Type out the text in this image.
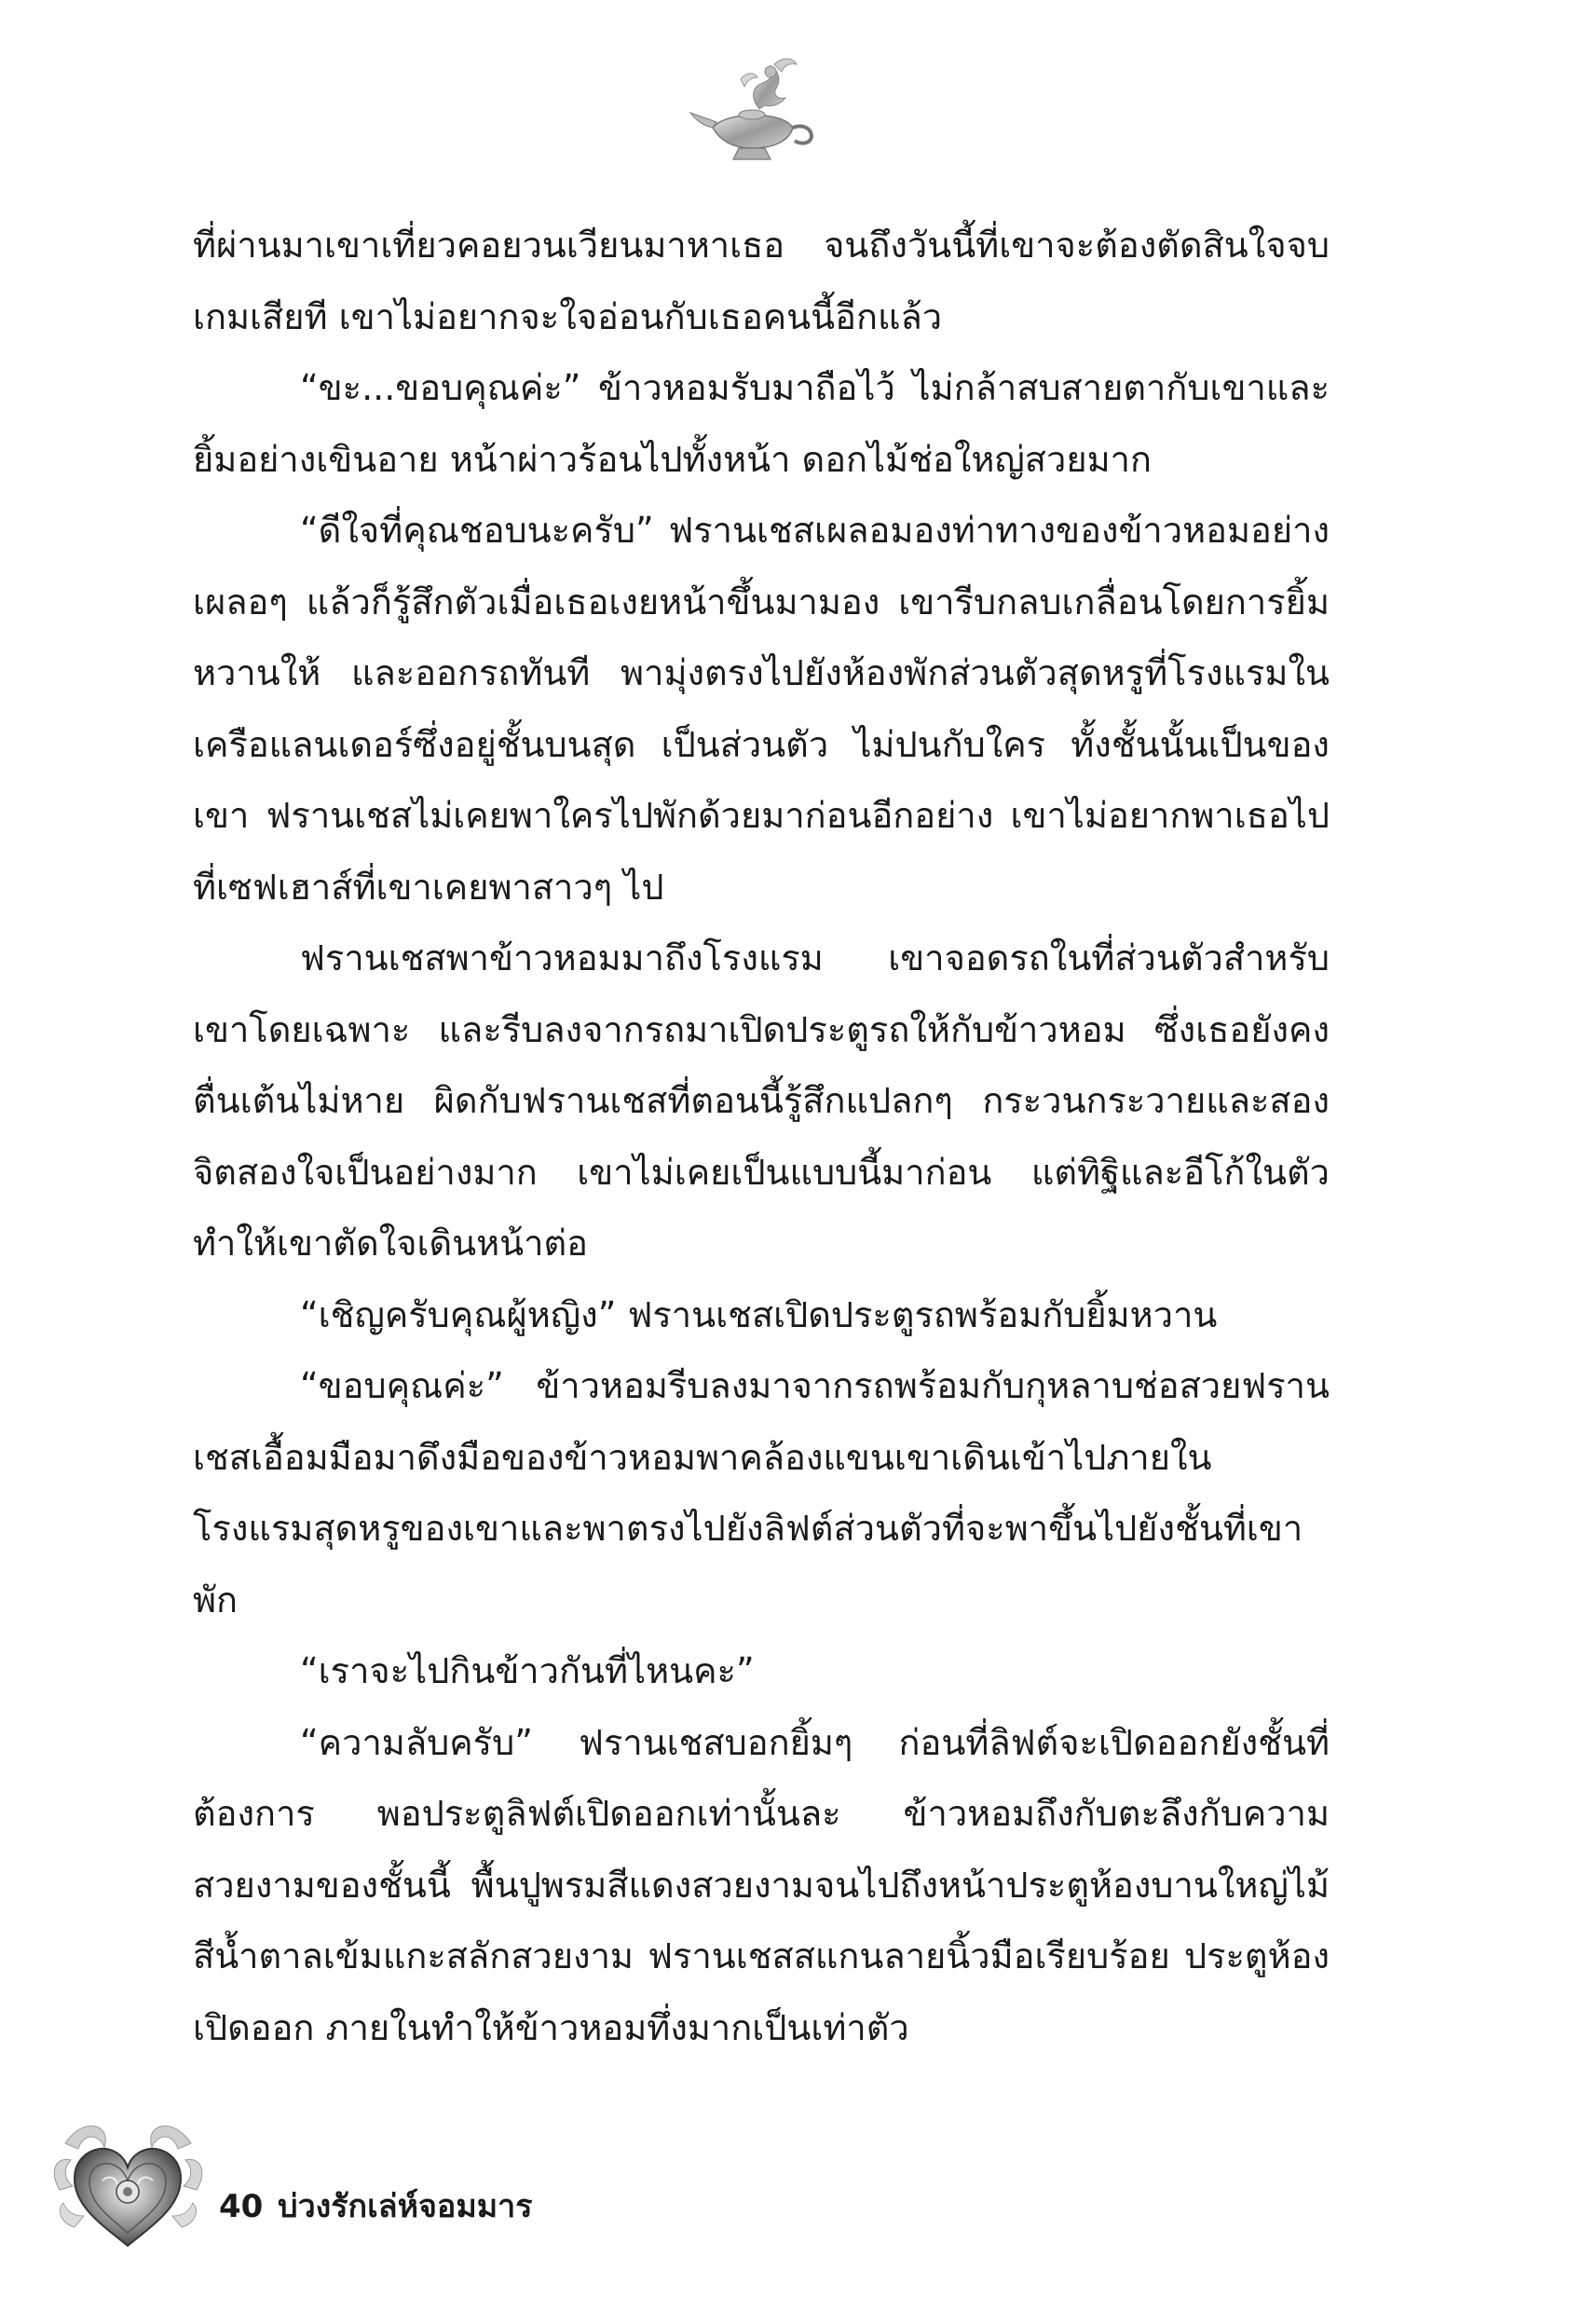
ที่ผ่านมาเขาเที่ยวคอยวนเวียนมาหาเธอ จนถึงวันนี้ที่เขาจะต้องตัดสินใจจบเกมเสียที เขาไม่อยากจะใจอ่อนกับเธอคนนี้อีกแล้ว

“ขะ...ขอบคุณค่ะ” ข้าวหอมรับมาถือไว้ ไม่กล้าสบสายตากับเขาและยิ้มอย่างเขินอาย หน้าผ่าวร้อนไปทั้งหน้า ดอกไม้ช่อใหญ่สวยมาก

“ดีใจที่คุณชอบนะครับ” ฟรานเชสเผลอมองท่าทางของข้าวหอมอย่างเผลอๆ แล้วก็รู้สึกตัวเมื่อเธอเงยหน้าขึ้นมามอง เขารีบกลบเกลื่อนโดยการยิ้มหวานให้ และออกรถทันที พามุ่งตรงไปยังห้องพักส่วนตัวสุดหรูที่โรงแรมในเครือแลนเดอร์ซึ่งอยู่ชั้นบนสุด เป็นส่วนตัว ไม่ปนกับใคร ทั้งชั้นนั้นเป็นของเขา ฟรานเชสไม่เคยพาใครไปพักด้วยมาก่อนอีกอย่าง เขาไม่อยากพาเธอไปที่เซฟเฮาส์ที่เขาเคยพาสาวๆ ไป

ฟรานเชสพาข้าวหอมมาถึงโรงแรม เขาจอดรถในที่ส่วนตัวสำหรับเขาโดยเฉพาะ และรีบลงจากรถมาเปิดประตูรถให้กับข้าวหอม ซึ่งเธอยังคงตื่นเต้นไม่หาย ผิดกับฟรานเชสที่ตอนนี้รู้สึกแปลกๆ กระวนกระวายและสองจิตสองใจเป็นอย่างมาก เขาไม่เคยเป็นแบบนี้มาก่อน แต่ทิฐิและอีโก้ในตัวทำให้เขาตัดใจเดินหน้าต่อ

“เชิญครับคุณผู้หญิง” ฟรานเชสเปิดประตูรถพร้อมกับยิ้มหวาน

“ขอบคุณค่ะ” ข้าวหอมรีบลงมาจากรถพร้อมกับกุหลาบช่อสวยฟรานเชสเอื้อมมือมาดึงมือของข้าวหอมพาคล้องแขนเขาเดินเข้าไปภายในโรงแรมสุดหรูของเขาและพาตรงไปยังลิฟต์ส่วนตัวที่จะพาขึ้นไปยังชั้นที่เขาพัก

“เราจะไปกินข้าวกันที่ไหนคะ”

“ความลับครับ” ฟรานเชสบอกยิ้มๆ ก่อนที่ลิฟต์จะเปิดออกยังชั้นที่ต้องการ พอประตูลิฟต์เปิดออกเท่านั้นละ ข้าวหอมถึงกับตะลึงกับความสวยงามของชั้นนี้ พื้นปูพรมสีแดงสวยงามจนไปถึงหน้าประตูห้องบานใหญ่ไม้สีน้ำตาลเข้มแกะสลักสวยงาม ฟรานเชสสแกนลายนิ้วมือเรียบร้อย ประตูห้องเปิดออก ภายในทำให้ข้าวหอมทึ่งมากเป็นเท่าตัว

40 บ่วงรักเล่ห์จอมมาร
